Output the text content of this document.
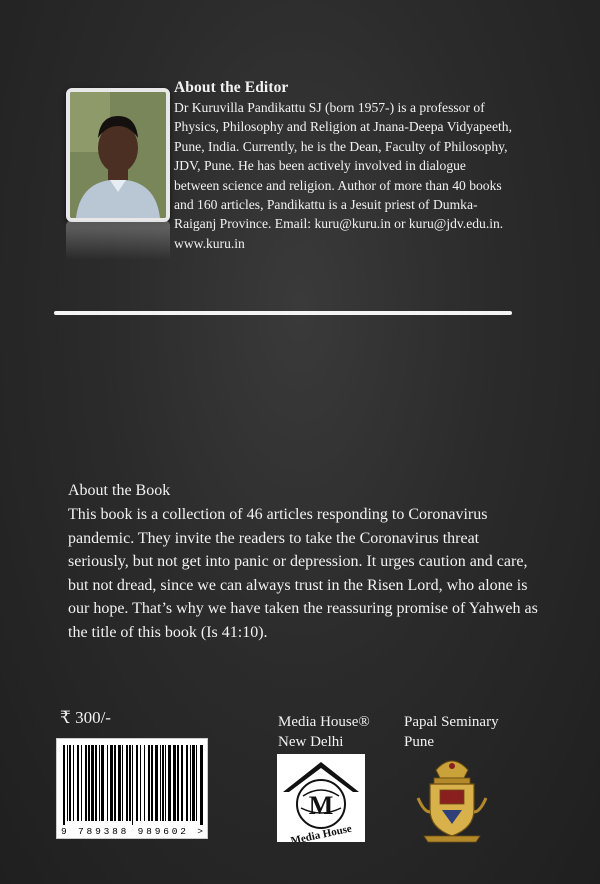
About the Editor

Dr Kuruvilla Pandikattu SJ (born 1957-) is a professor of Physics, Philosophy and Religion at Jnana-Deepa Vidyapeeth, Pune, India. Currently, he is the Dean, Faculty of Philosophy, JDV, Pune. He has been actively involved in dialogue between science and religion. Author of more than 40 books and 160 articles, Pandikattu is a Jesuit priest of Dumka-Raiganj Province. Email: kuru@kuru.in or kuru@jdv.edu.in. www.kuru.in

About the Book

This book is a collection of 46 articles responding to Coronavirus pandemic. They invite the readers to take the Coronavirus threat seriously, but not get into panic or depression. It urges caution and care, but not dread, since we can always trust in the Risen Lord, who alone is our hope. That’s why we have taken the reassuring promise of Yahweh as the title of this book (Is 41:10).

₹ 300/-
9 789388 989602 >
Media House®
New Delhi
Papal Seminary
Pune
M
Media House
